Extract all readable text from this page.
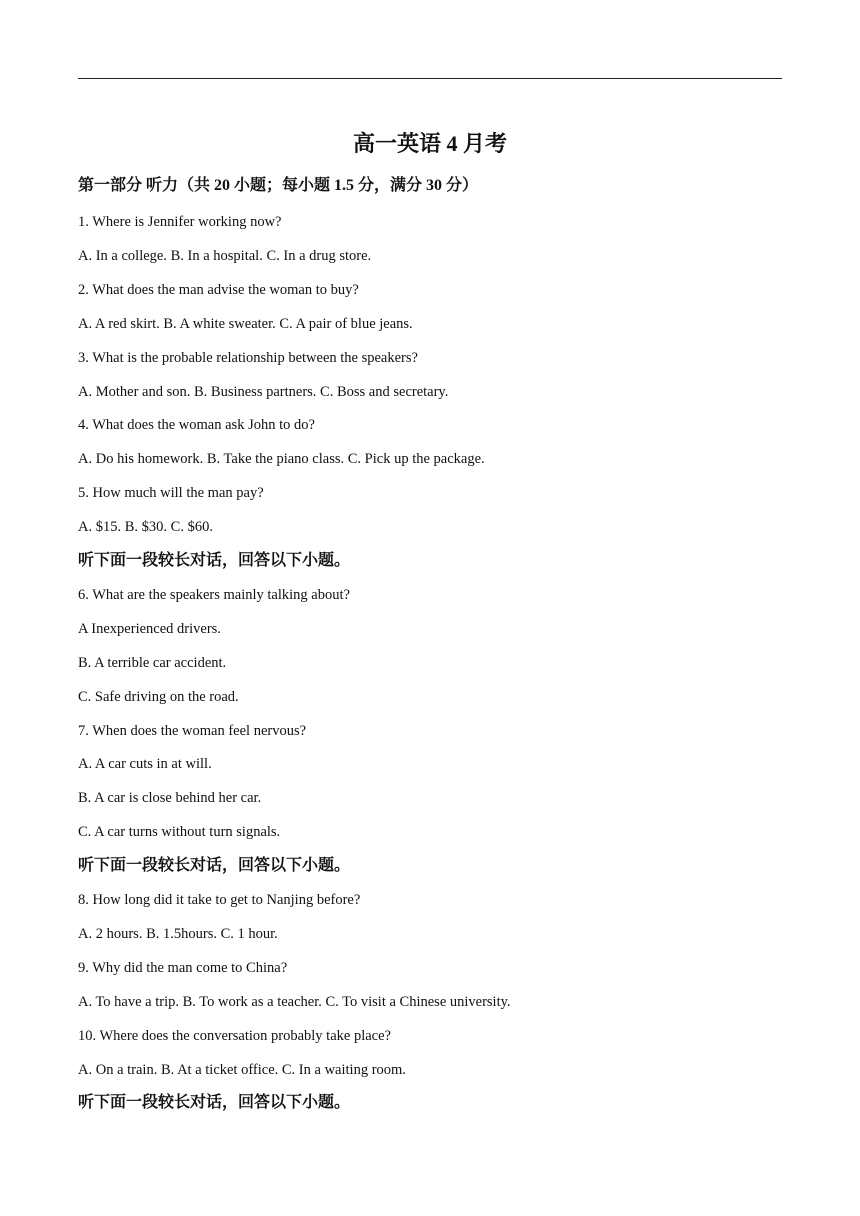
高一英语 4 月考
第一部分 听力（共 20 小题；每小题 1.5 分，满分 30 分）
1. Where is Jennifer working now?
A. In a college. B. In a hospital. C. In a drug store.
2. What does the man advise the woman to buy?
A. A red skirt. B. A white sweater. C. A pair of blue jeans.
3. What is the probable relationship between the speakers?
A. Mother and son. B. Business partners. C. Boss and secretary.
4. What does the woman ask John to do?
A. Do his homework. B. Take the piano class. C. Pick up the package.
5. How much will the man pay?
A. $15. B. $30. C. $60.
听下面一段较长对话，回答以下小题。
6. What are the speakers mainly talking about?
A Inexperienced drivers.
B. A terrible car accident.
C. Safe driving on the road.
7. When does the woman feel nervous?
A. A car cuts in at will.
B. A car is close behind her car.
C. A car turns without turn signals.
听下面一段较长对话，回答以下小题。
8. How long did it take to get to Nanjing before?
A. 2 hours. B. 1.5hours. C. 1 hour.
9. Why did the man come to China?
A. To have a trip. B. To work as a teacher. C. To visit a Chinese university.
10. Where does the conversation probably take place?
A. On a train. B. At a ticket office. C. In a waiting room.
听下面一段较长对话，回答以下小题。
